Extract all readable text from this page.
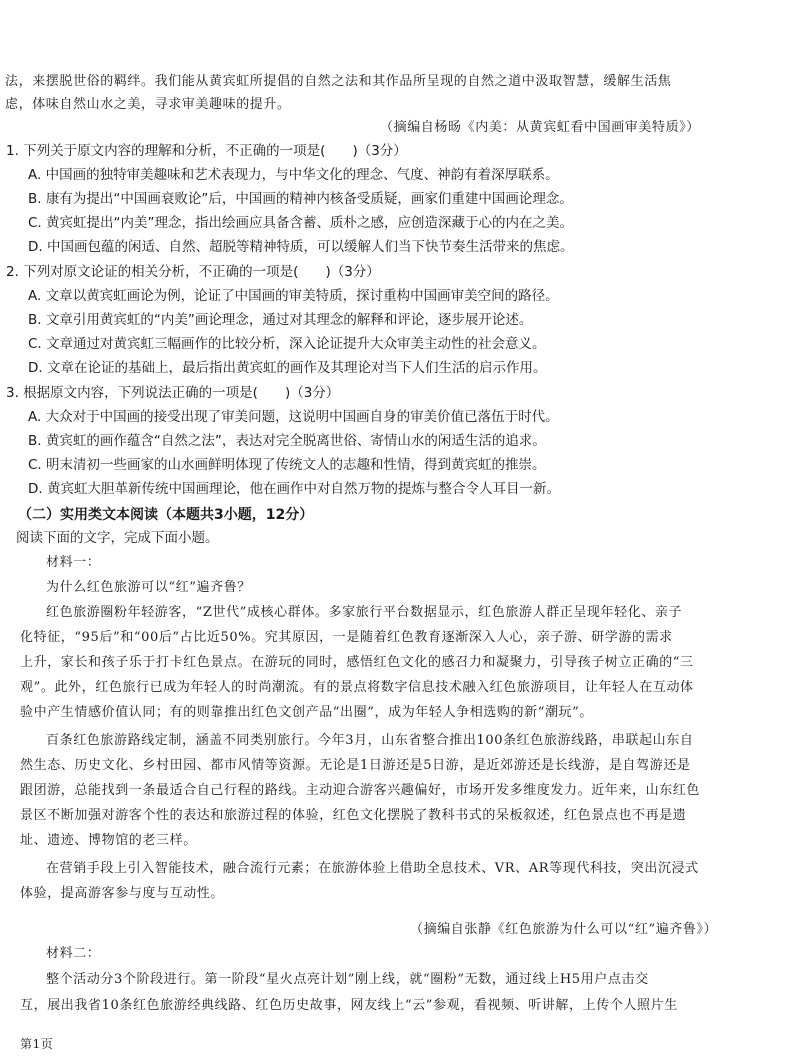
法，来摆脱世俗的羁绊。我们能从黄宾虹所提倡的自然之法和其作品所呈现的自然之道中汲取智慧，缓解生活焦
虑，体味自然山水之美，寻求审美趣味的提升。
（摘编自杨旸《内美：从黄宾虹看中国画审美特质》）
1. 下列关于原文内容的理解和分析，不正确的一项是(　　)（3分）
A. 中国画的独特审美趣味和艺术表现力，与中华文化的理念、气度、神韵有着深厚联系。
B. 康有为提出“中国画衰败论”后，中国画的精神内核备受质疑，画家们重建中国画论理念。
C. 黄宾虹提出“内美”理念，指出绘画应具备含蓄、质朴之感，应创造深藏于心的内在之美。
D. 中国画包蕴的闲适、自然、超脱等精神特质，可以缓解人们当下快节奏生活带来的焦虑。
2. 下列对原文论证的相关分析，不正确的一项是(　　)（3分）
A. 文章以黄宾虹画论为例，论证了中国画的审美特质，探讨重构中国画审美空间的路径。
B. 文章引用黄宾虹的“内美”画论理念，通过对其理念的解释和评论，逐步展开论述。
C. 文章通过对黄宾虹三幅画作的比较分析，深入论证提升大众审美主动性的社会意义。
D. 文章在论证的基础上，最后指出黄宾虹的画作及其理论对当下人们生活的启示作用。
3. 根据原文内容，下列说法正确的一项是(　　)（3分）
A. 大众对于中国画的接受出现了审美问题，这说明中国画自身的审美价值已落伍于时代。
B. 黄宾虹的画作蕴含“自然之法”，表达对完全脱离世俗、寄情山水的闲适生活的追求。
C. 明末清初一些画家的山水画鲜明体现了传统文人的志趣和性情，得到黄宾虹的推崇。
D. 黄宾虹大胆革新传统中国画理论，他在画作中对自然万物的提炼与整合令人耳目一新。
（二）实用类文本阅读（本题共3小题，12分）
阅读下面的文字，完成下面小题。
材料一：
为什么红色旅游可以“红”遍齐鲁？
红色旅游圈粉年轻游客，“Z世代”成核心群体。多家旅行平台数据显示，红色旅游人群正呈现年轻化、亲子
化特征，“95后”和“00后”占比近50%。究其原因，一是随着红色教育逐渐深入人心，亲子游、研学游的需求
上升，家长和孩子乐于打卡红色景点。在游玩的同时，感悟红色文化的感召力和凝聚力，引导孩子树立正确的“三
观”。此外，红色旅行已成为年轻人的时尚潮流。有的景点将数字信息技术融入红色旅游项目，让年轻人在互动体
验中产生情感价值认同；有的则靠推出红色文创产品“出圈”，成为年轻人争相选购的新“潮玩”。
百条红色旅游路线定制，涵盖不同类别旅行。今年3月，山东省整合推出100条红色旅游线路，串联起山东自
然生态、历史文化、乡村田园、都市风情等资源。无论是1日游还是5日游，是近郊游还是长线游，是自驾游还是
跟团游，总能找到一条最适合自己行程的路线。主动迎合游客兴趣偏好，市场开发多维度发力。近年来，山东红色
景区不断加强对游客个性的表达和旅游过程的体验，红色文化摆脱了教科书式的呆板叙述，红色景点也不再是遗
址、遗迹、博物馆的老三样。
在营销手段上引入智能技术，融合流行元素；在旅游体验上借助全息技术、VR、AR等现代科技，突出沉浸式
体验，提高游客参与度与互动性。
（摘编自张静《红色旅游为什么可以“红”遍齐鲁》）
材料二：
整个活动分3个阶段进行。第一阶段“星火点亮计划”刚上线，就“圈粉”无数，通过线上H5用户点击交
互，展出我省10条红色旅游经典线路、红色历史故事，网友线上“云”参观，看视频、听讲解，上传个人照片生
第1页
